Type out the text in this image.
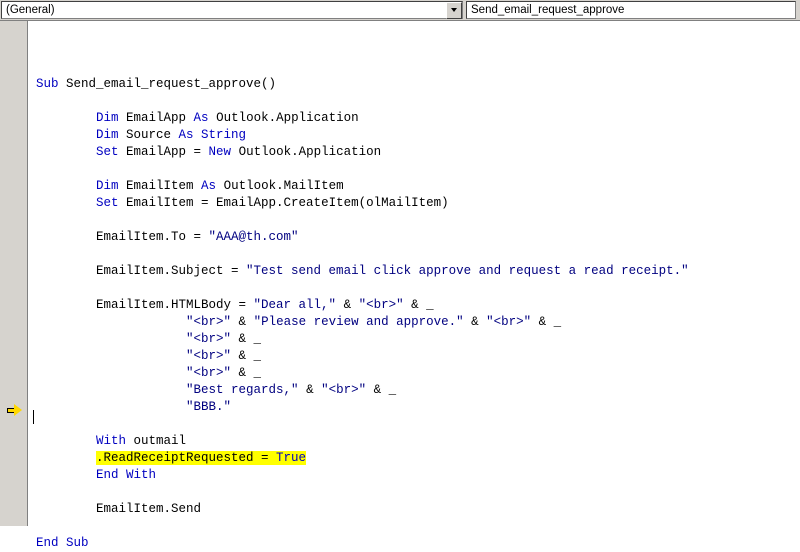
(General)	Send_email_request_approve

Sub Send_email_request_approve()

Dim EmailApp As Outlook.Application
Dim Source As String
Set EmailApp = New Outlook.Application

Dim EmailItem As Outlook.MailItem
Set EmailItem = EmailApp.CreateItem(olMailItem)

EmailItem.To = "AAA@th.com"

EmailItem.Subject = "Test send email click approve and request a read receipt."

EmailItem.HTMLBody = "Dear all," & "<br>" & _
"<br>" & "Please review and approve." & "<br>" & _
"<br>" & _
"<br>" & _
"<br>" & _
"Best regards," & "<br>" & _
"BBB."

With outmail
.ReadReceiptRequested = True
End With

EmailItem.Send

End Sub
